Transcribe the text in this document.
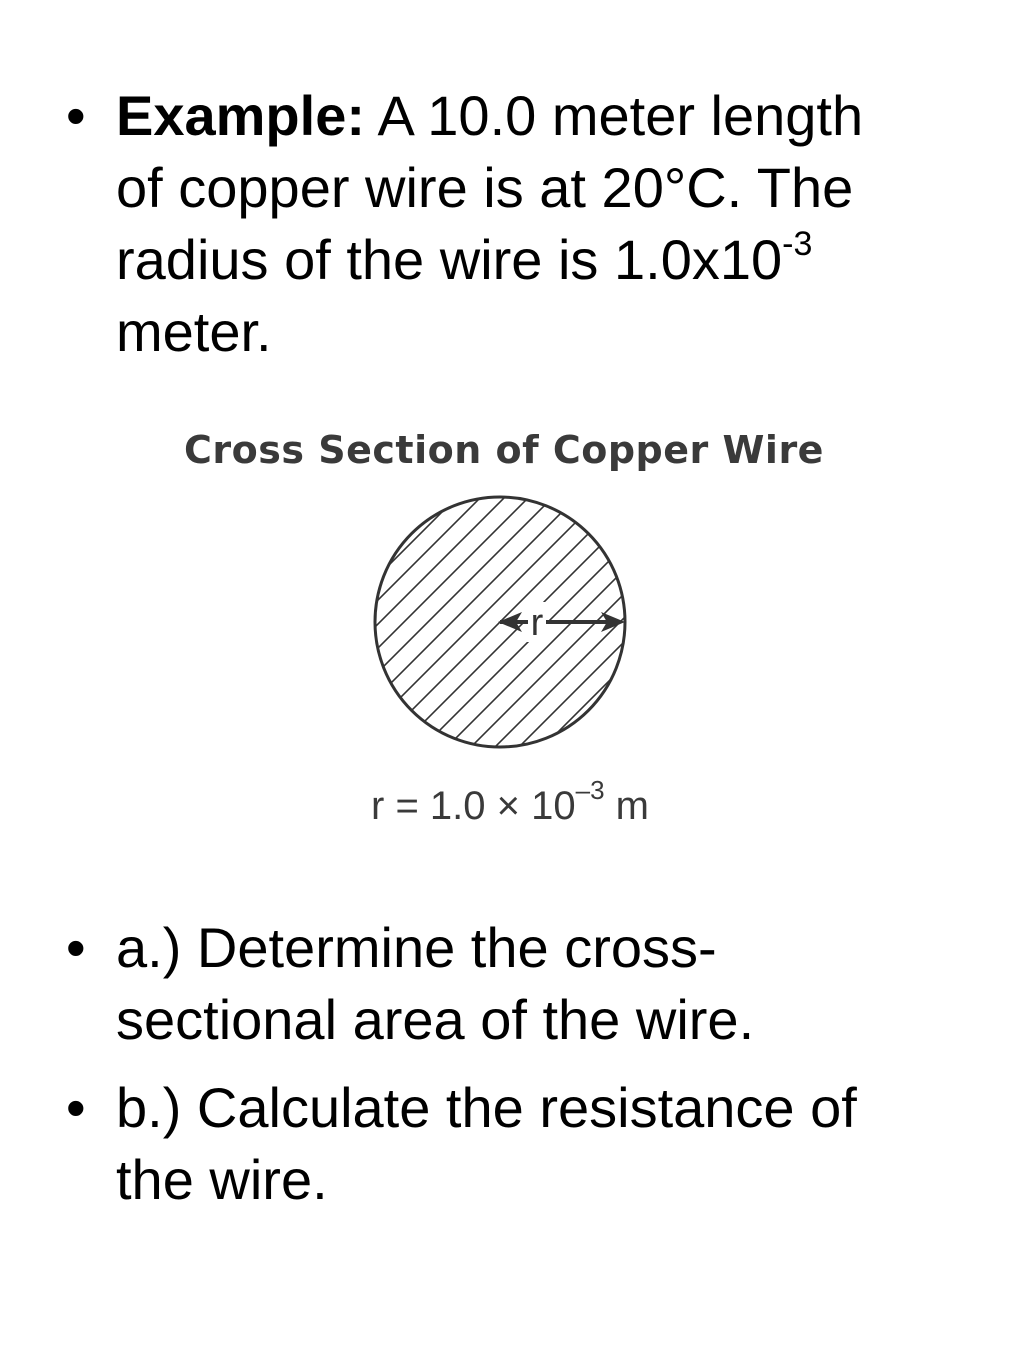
• Example: A 10.0 meter length
of copper wire is at 20°C. The
radius of the wire is $1.0x10^{-3}$
meter.
Cross Section of Copper Wire
r
$r = 1.0 \times 10^{-3}$ m
• a.) Determine the cross-
sectional area of the wire.
• b.) Calculate the resistance of
the wire.
